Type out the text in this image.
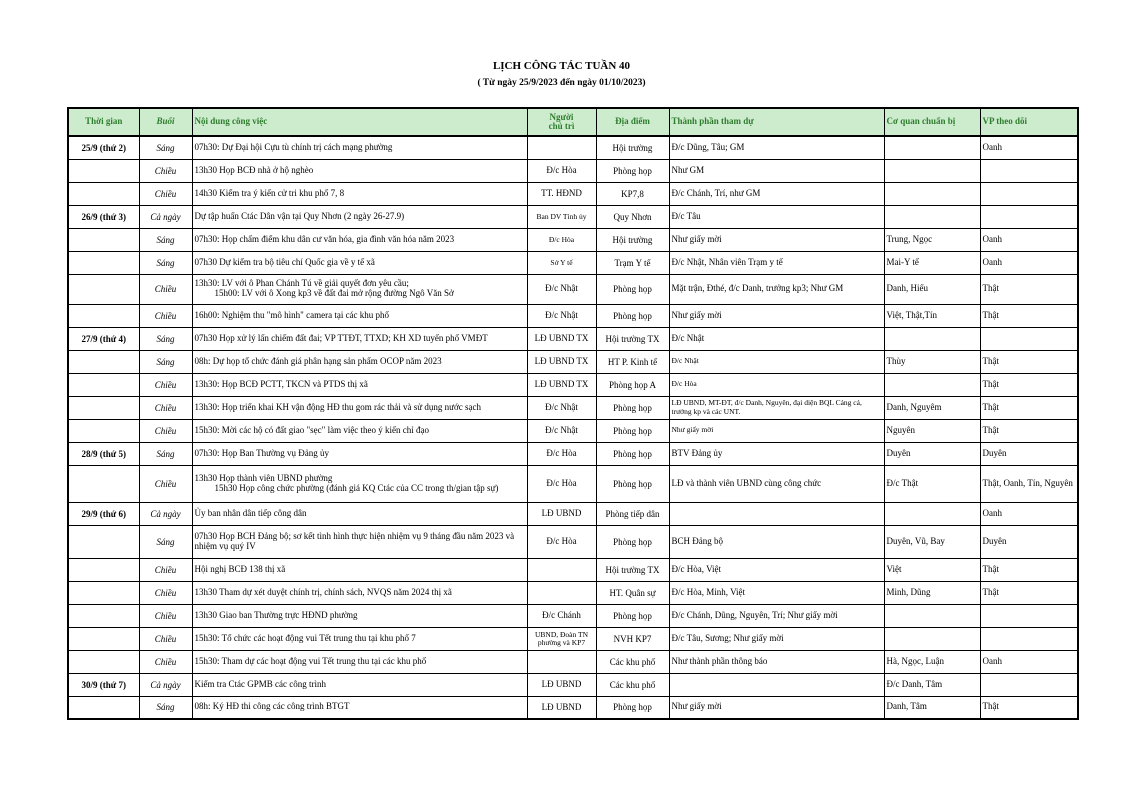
LỊCH CÔNG TÁC TUẦN 40
( Từ ngày 25/9/2023 đến ngày 01/10/2023)
Thời gian	Buổi	Nội dung công việc	Người
chủ trì	Địa điểm	Thành phần tham dự	Cơ quan chuẩn bị	VP theo dõi
25/9 (thứ 2)	Sáng	07h30: Dự Đại hội Cựu tù chính trị cách mạng phường		Hội trường	Đ/c Dũng, Tâu; GM		Oanh
	Chiều	13h30 Họp BCĐ nhà ở hộ nghèo	Đ/c Hòa	Phòng họp	Như GM		
	Chiều	14h30 Kiểm tra ý kiến cử tri khu phố 7, 8	TT. HĐND	KP7,8	Đ/c Chánh, Trí, như GM		
26/9 (thứ 3)	Cả ngày	Dự tập huấn Ctác Dân vận tại Quy Nhơn (2 ngày 26-27.9)	Ban DV Tỉnh ủy	Quy Nhơn	Đ/c Tâu		
	Sáng	07h30: Họp chấm điểm khu dân cư văn hóa, gia đình văn hóa năm 2023	Đ/c Hòa	Hội trường	Như giấy mời	Trung, Ngọc	Oanh
	Sáng	07h30 Dự kiểm tra bộ tiêu chí Quốc gia về y tế xã	Sở Y tế	Trạm Y tế	Đ/c Nhật, Nhân viên Trạm y tế	Mai-Y tế	Oanh
	Chiều	13h30: LV với ô Phan Chánh Tú về giải quyết đơn yêu cầu;
15h00: LV với ô Xong kp3 về đất đai mở rộng đường Ngô Văn Sở	Đ/c Nhật	Phòng họp	Mặt trận, Đthé, đ/c Danh, trưởng kp3; Như GM	Danh, Hiếu	Thật
	Chiều	16h00: Nghiệm thu "mô hình" camera tại các khu phố	Đ/c Nhật	Phòng họp	Như giấy mời	Việt, Thật,Tín	Thật
27/9 (thứ 4)	Sáng	07h30 Họp xử lý lấn chiếm đất đai; VP TTĐT, TTXD; KH XD tuyến phố VMĐT	LĐ UBND TX	Hội trường TX	Đ/c Nhật		
	Sáng	08h: Dự họp tổ chức đánh giá phân hạng sản phẩm OCOP năm 2023	LĐ UBND TX	HT P. Kinh tế	Đ/c Nhật	Thùy	Thật
	Chiều	13h30: Họp BCĐ PCTT, TKCN và PTDS thị xã	LĐ UBND TX	Phòng họp A	Đ/c Hòa		Thật
	Chiều	13h30: Họp triển khai KH vận động HĐ thu gom rác thải và sử dụng nước sạch	Đ/c Nhật	Phòng họp	LĐ UBND, MT-ĐT, đ/c Danh, Nguyên, đại diện BQL Cảng cá, trưởng kp và các UNT.	Danh, Nguyêm	Thật
	Chiều	15h30: Mời các hộ có đất giao "sẹc" làm việc theo ý kiến chỉ đạo	Đ/c Nhật	Phòng họp	Như giấy mời	Nguyên	Thật
28/9 (thứ 5)	Sáng	07h30: Họp Ban Thường vụ Đảng ủy	Đ/c Hòa	Phòng họp	BTV Đảng ủy	Duyên	Duyên
	Chiều	13h30 Họp thành viên UBND phường
15h30 Họp công chức phường (đánh giá KQ Ctác của CC trong th/gian tập sự)	Đ/c Hòa	Phòng họp	LĐ và thành viên UBND cùng công chức	Đ/c Thật	Thật, Oanh, Tín, Nguyên
29/9 (thứ 6)	Cả ngày	Ủy ban nhân dân tiếp công dân	LĐ UBND	Phòng tiếp dân			Oanh
	Sáng	07h30 Họp BCH Đảng bộ; sơ kết tình hình thực hiện nhiệm vụ 9 tháng đầu năm 2023 và nhiệm vụ quý IV	Đ/c Hòa	Phòng họp	BCH Đảng bộ	Duyên, Vũ, Bay	Duyên
	Chiều	Hội nghị BCĐ 138 thị xã		Hội trường TX	Đ/c Hòa, Việt	Việt	Thật
	Chiều	13h30 Tham dự xét duyệt chính trị, chính sách, NVQS năm 2024 thị xã		HT. Quân sự	Đ/c Hòa, Minh, Việt	Minh, Dũng	Thật
	Chiều	13h30 Giao ban Thường trực HĐND phường	Đ/c Chánh	Phòng họp	Đ/c Chánh, Dũng, Nguyên, Trí; Như giấy mời		
	Chiều	15h30: Tổ chức các hoạt động vui Tết trung thu tại khu phố 7	UBND, Đoàn TN phường và KP7	NVH KP7	Đ/c Tâu, Sương; Như giấy mời		
	Chiều	15h30: Tham dự các hoạt động vui Tết trung thu tại các khu phố		Các khu phố	Như thành phần thông báo	Hà, Ngọc, Luận	Oanh
30/9 (thứ 7)	Cả ngày	Kiểm tra Ctác GPMB các công trình	LĐ UBND	Các khu phố		Đ/c Danh, Tâm	
	Sáng	08h: Ký HĐ thi công các công trình BTGT	LĐ UBND	Phòng họp	Như giấy mời	Danh, Tâm	Thật
